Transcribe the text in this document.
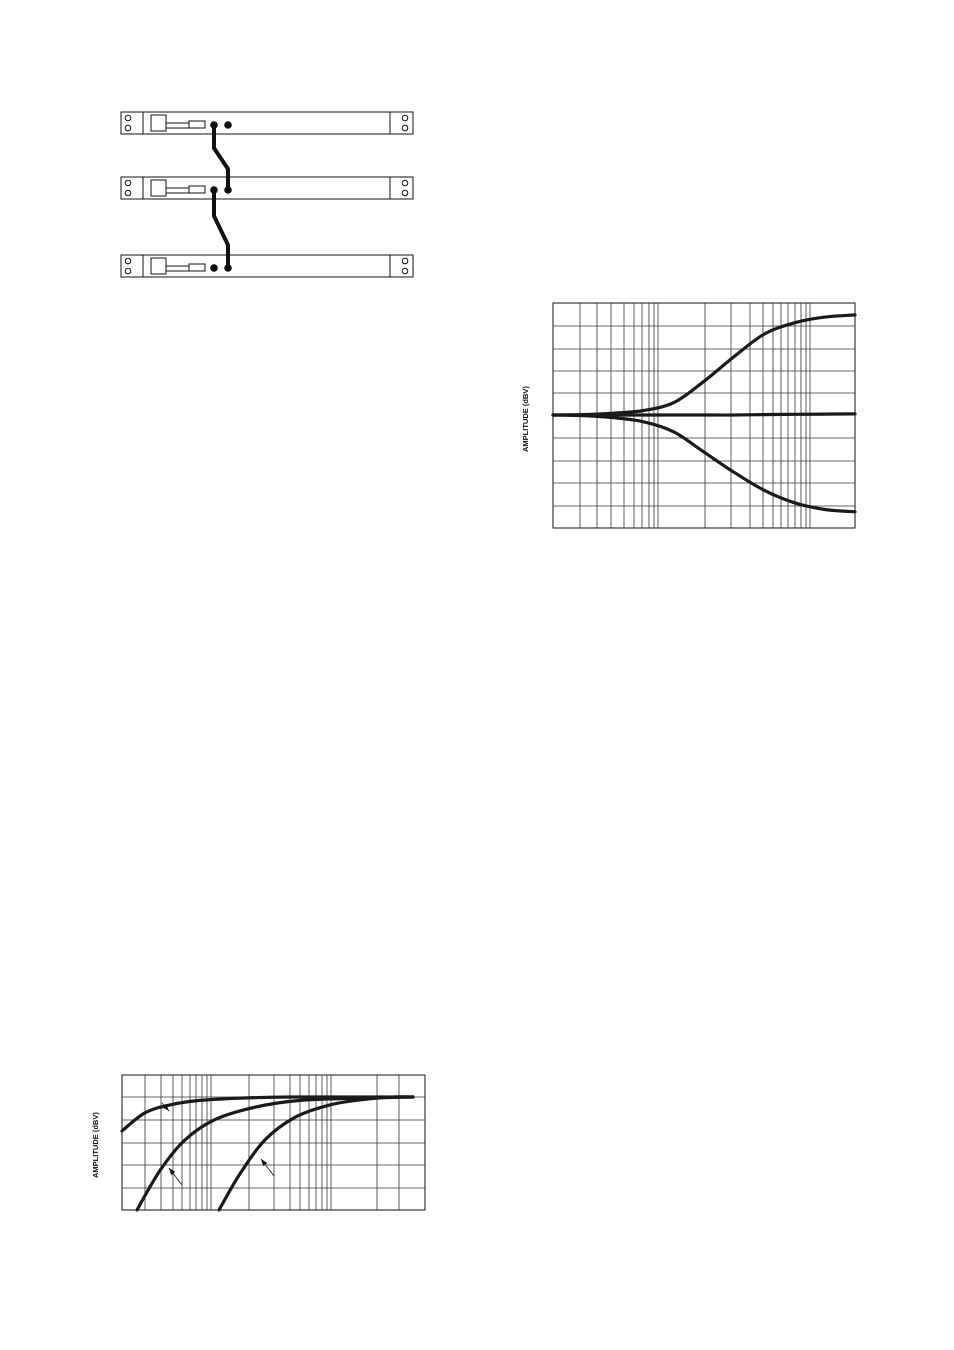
AMPLITUDE (dBV)
AMPLITUDE (dBV)
